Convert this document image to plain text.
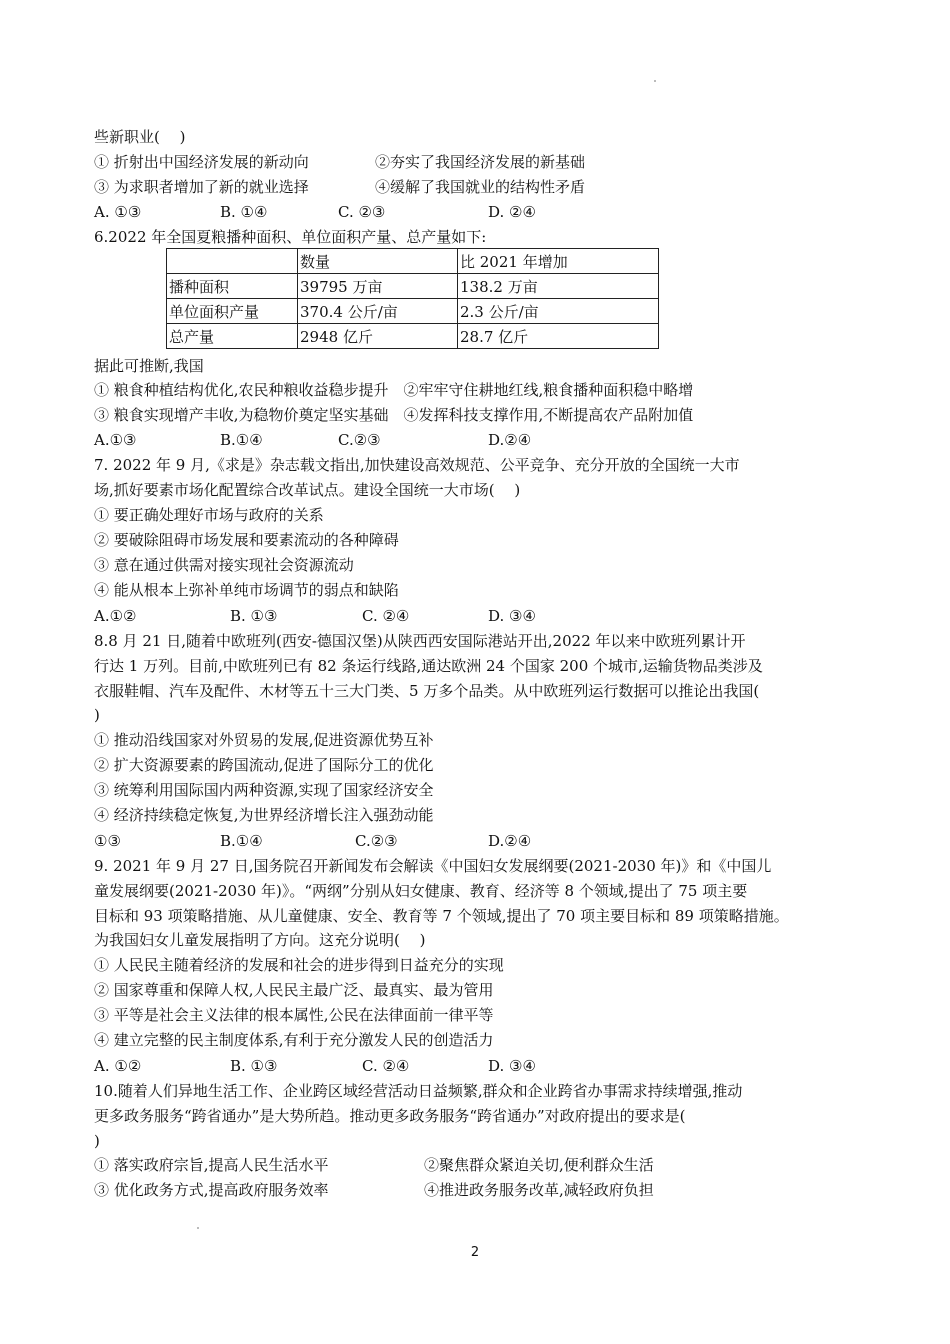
些新职业(　 )
① 折射出中国经济发展的新动向	②夯实了我国经济发展的新基础
③ 为求职者增加了新的就业选择	④缓解了我国就业的结构性矛盾
A. ①③	B. ①④	C. ②③	D. ②④
6.2022 年全国夏粮播种面积、单位面积产量、总产量如下:
	数量	比 2021 年增加
播种面积	39795 万亩	138.2 万亩
单位面积产量	370.4 公斤/亩	2.3 公斤/亩
总产量	2948 亿斤	28.7 亿斤
据此可推断,我国
① 粮食种植结构优化,农民种粮收益稳步提升　②牢牢守住耕地红线,粮食播种面积稳中略增
③ 粮食实现增产丰收,为稳物价奠定坚实基础　④发挥科技支撑作用,不断提高农产品附加值
A.①③	B.①④	C.②③	D.②④
7. 2022 年 9 月,《求是》杂志载文指出,加快建设高效规范、公平竞争、充分开放的全国统一大市
场,抓好要素市场化配置综合改革试点。建设全国统一大市场(　 )
① 要正确处理好市场与政府的关系
② 要破除阻碍市场发展和要素流动的各种障碍
③ 意在通过供需对接实现社会资源流动
④ 能从根本上弥补单纯市场调节的弱点和缺陷
A.①②	B. ①③	C. ②④	D. ③④
8.8 月 21 日,随着中欧班列(西安-德国汉堡)从陕西西安国际港站开出,2022 年以来中欧班列累计开
行达 1 万列。目前,中欧班列已有 82 条运行线路,通达欧洲 24 个国家 200 个城市,运输货物品类涉及
衣服鞋帽、汽车及配件、木材等五十三大门类、5 万多个品类。从中欧班列运行数据可以推论出我国(
)
① 推动沿线国家对外贸易的发展,促进资源优势互补
② 扩大资源要素的跨国流动,促进了国际分工的优化
③ 统筹利用国际国内两种资源,实现了国家经济安全
④ 经济持续稳定恢复,为世界经济增长注入强劲动能
①③	B.①④	C.②③	D.②④
9. 2021 年 9 月 27 日,国务院召开新闻发布会解读《中国妇女发展纲要(2021-2030 年)》和《中国儿
童发展纲要(2021-2030 年)》。“两纲”分别从妇女健康、教育、经济等 8 个领域,提出了 75 项主要
目标和 93 项策略措施、从儿童健康、安全、教育等 7 个领域,提出了 70 项主要目标和 89 项策略措施。
为我国妇女儿童发展指明了方向。这充分说明(　 )
① 人民民主随着经济的发展和社会的进步得到日益充分的实现
② 国家尊重和保障人权,人民民主最广泛、最真实、最为管用
③ 平等是社会主义法律的根本属性,公民在法律面前一律平等
④ 建立完整的民主制度体系,有利于充分激发人民的创造活力
A. ①②	B. ①③	C. ②④	D. ③④
10.随着人们异地生活工作、企业跨区域经营活动日益频繁,群众和企业跨省办事需求持续增强,推动
更多政务服务“跨省通办”是大势所趋。推动更多政务服务“跨省通办”对政府提出的要求是(
)
① 落实政府宗旨,提高人民生活水平	②聚焦群众紧迫关切,便利群众生活
③ 优化政务方式,提高政府服务效率	④推进政务服务改革,减轻政府负担
2
